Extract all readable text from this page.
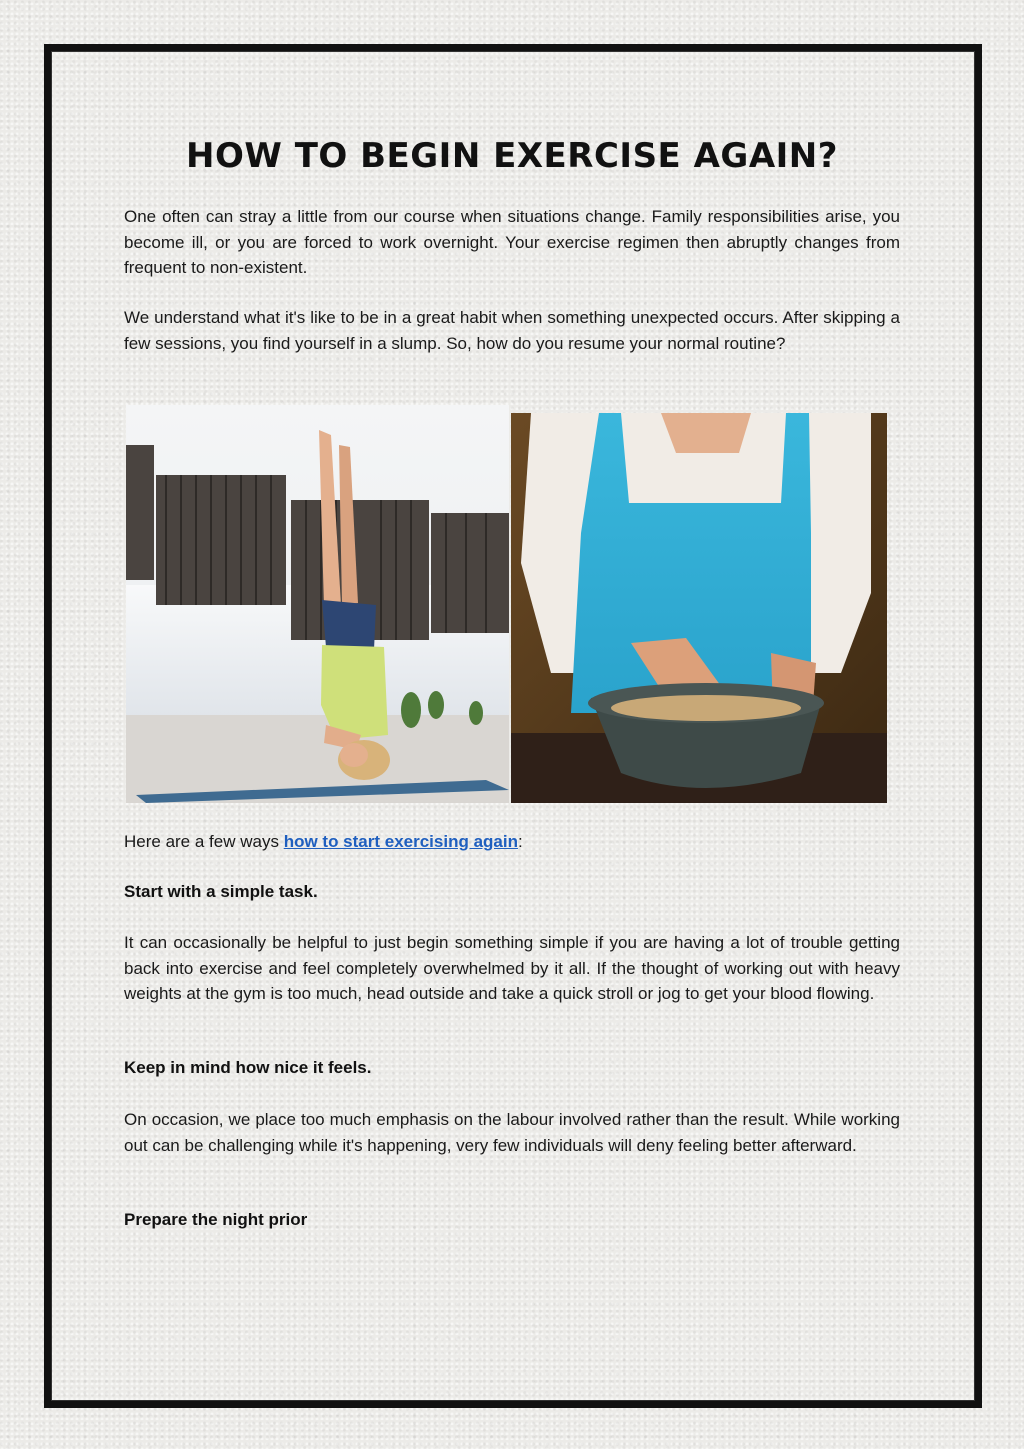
HOW TO BEGIN EXERCISE AGAIN?

One often can stray a little from our course when situations change. Family responsibilities arise, you become ill, or you are forced to work overnight. Your exercise regimen then abruptly changes from frequent to non-existent.

We understand what it's like to be in a great habit when something unexpected occurs. After skipping a few sessions, you find yourself in a slump. So, how do you resume your normal routine?

Here are a few ways how to start exercising again:

Start with a simple task.

It can occasionally be helpful to just begin something simple if you are having a lot of trouble getting back into exercise and feel completely overwhelmed by it all. If the thought of working out with heavy weights at the gym is too much, head outside and take a quick stroll or jog to get your blood flowing.

Keep in mind how nice it feels.

On occasion, we place too much emphasis on the labour involved rather than the result. While working out can be challenging while it's happening, very few individuals will deny feeling better afterward.

Prepare the night prior
